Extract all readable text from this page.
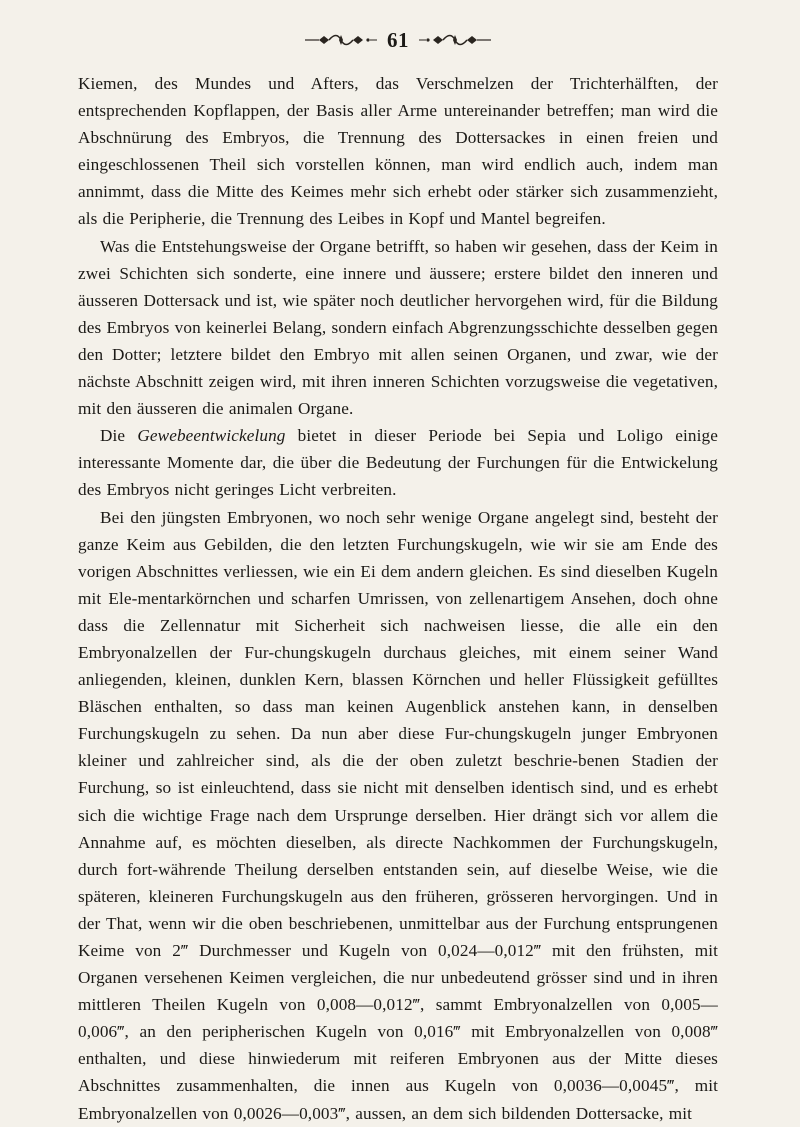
61

Kiemen, des Mundes und Afters, das Verschmelzen der Trichterhälften, der entsprechenden Kopflappen, der Basis aller Arme untereinander betreffen; man wird die Abschnürung des Embryos, die Trennung des Dottersackes in einen freien und eingeschlossenen Theil sich vorstellen können, man wird endlich auch, indem man annimmt, dass die Mitte des Keimes mehr sich erhebt oder stärker sich zusammenzieht, als die Peripherie, die Trennung des Leibes in Kopf und Mantel begreifen.

Was die Entstehungsweise der Organe betrifft, so haben wir gesehen, dass der Keim in zwei Schichten sich sonderte, eine innere und äussere; erstere bildet den inneren und äusseren Dottersack und ist, wie später noch deutlicher hervorgehen wird, für die Bildung des Embryos von keinerlei Belang, sondern einfach Abgrenzungsschichte desselben gegen den Dotter; letztere bildet den Embryo mit allen seinen Organen, und zwar, wie der nächste Abschnitt zeigen wird, mit ihren inneren Schichten vorzugsweise die vegetativen, mit den äusseren die animalen Organe.

Die Gewebeentwickelung bietet in dieser Periode bei Sepia und Loligo einige interessante Momente dar, die über die Bedeutung der Furchungen für die Entwickelung des Embryos nicht geringes Licht verbreiten.

Bei den jüngsten Embryonen, wo noch sehr wenige Organe angelegt sind, besteht der ganze Keim aus Gebilden, die den letzten Furchungskugeln, wie wir sie am Ende des vorigen Abschnittes verliessen, wie ein Ei dem andern gleichen. Es sind dieselben Kugeln mit Ele-mentarkörnchen und scharfen Umrissen, von zellenartigem Ansehen, doch ohne dass die Zellennatur mit Sicherheit sich nachweisen liesse, die alle ein den Embryonalzellen der Fur-chungskugeln durchaus gleiches, mit einem seiner Wand anliegenden, kleinen, dunklen Kern, blassen Körnchen und heller Flüssigkeit gefülltes Bläschen enthalten, so dass man keinen Augenblick anstehen kann, in denselben Furchungskugeln zu sehen. Da nun aber diese Fur-chungskugeln junger Embryonen kleiner und zahlreicher sind, als die der oben zuletzt beschrie-benen Stadien der Furchung, so ist einleuchtend, dass sie nicht mit denselben identisch sind, und es erhebt sich die wichtige Frage nach dem Ursprunge derselben. Hier drängt sich vor allem die Annahme auf, es möchten dieselben, als directe Nachkommen der Furchungskugeln, durch fort-währende Theilung derselben entstanden sein, auf dieselbe Weise, wie die späteren, kleineren Furchungskugeln aus den früheren, grösseren hervorgingen. Und in der That, wenn wir die oben beschriebenen, unmittelbar aus der Furchung entsprungenen Keime von 2‴ Durchmesser und Kugeln von 0,024—0,012‴ mit den frühsten, mit Organen versehenen Keimen vergleichen, die nur unbedeutend grösser sind und in ihren mittleren Theilen Kugeln von 0,008—0,012‴, sammt Embryonalzellen von 0,005—0,006‴, an den peripherischen Kugeln von 0,016‴ mit Embryonalzellen von 0,008‴ enthalten, und diese hinwiederum mit reiferen Embryonen aus der Mitte dieses Abschnittes zusammenhalten, die innen aus Kugeln von 0,0036—0,0045‴, mit Embryonalzellen von 0,0026—0,003‴, aussen, an dem sich bildenden Dottersacke, mit
